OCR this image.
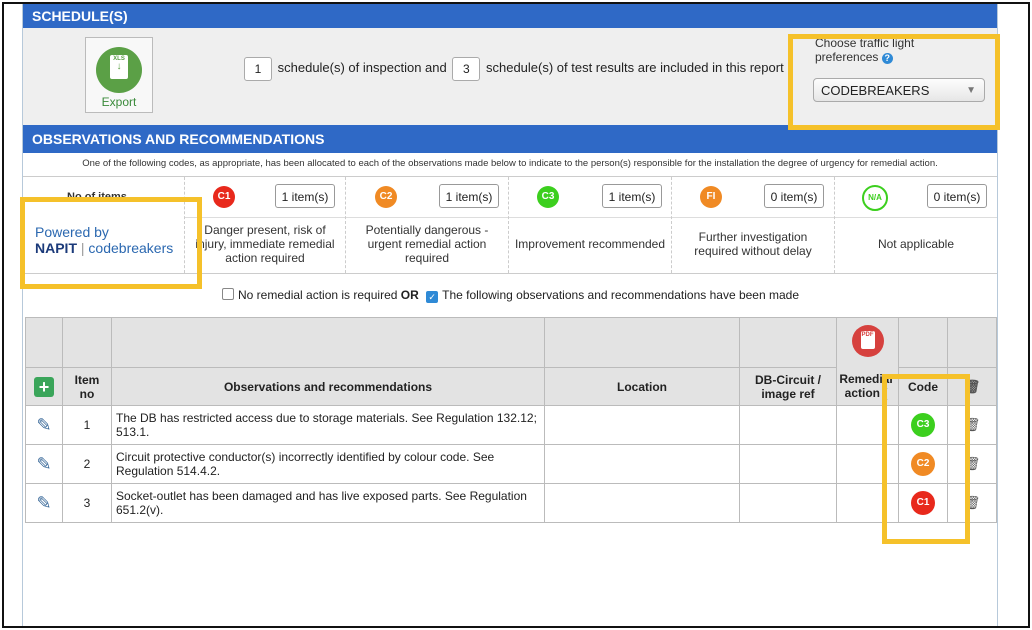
SCHEDULE(S)
XLS
↓
Export
1 schedule(s) of inspection and 3 schedule(s) of test results are included in this report
Choose traffic light preferences ?
CODEBREAKERS	▼
OBSERVATIONS AND RECOMMENDATIONS
One of the following codes, as appropriate, has been allocated to each of the observations made below to indicate to the person(s) responsible for the installation the degree of urgency for remedial action.
No of items
Powered by
NAPIT | codebreakers
C1	1 item(s)
Danger present, risk of injury, immediate remedial action required
C2	1 item(s)
Potentially dangerous - urgent remedial action required
C3	1 item(s)
Improvement recommended
FI	0 item(s)
Further investigation required without delay
N/A	0 item(s)
Not applicable
No remedial action is required OR ✓ The following observations and recommendations have been made

					PDF		

+	Item no	Observations and recommendations	Location	DB-Circuit / image ref	Remedial action (	Code	🗑
✎	1	The DB has restricted access due to storage materials. See Regulation 132.12; 513.1.				C3	🗑
✎	2	Circuit protective conductor(s) incorrectly identified by colour code. See Regulation 514.4.2.				C2	🗑
✎	3	Socket-outlet has been damaged and has live exposed parts. See Regulation 651.2(v).				C1	🗑
